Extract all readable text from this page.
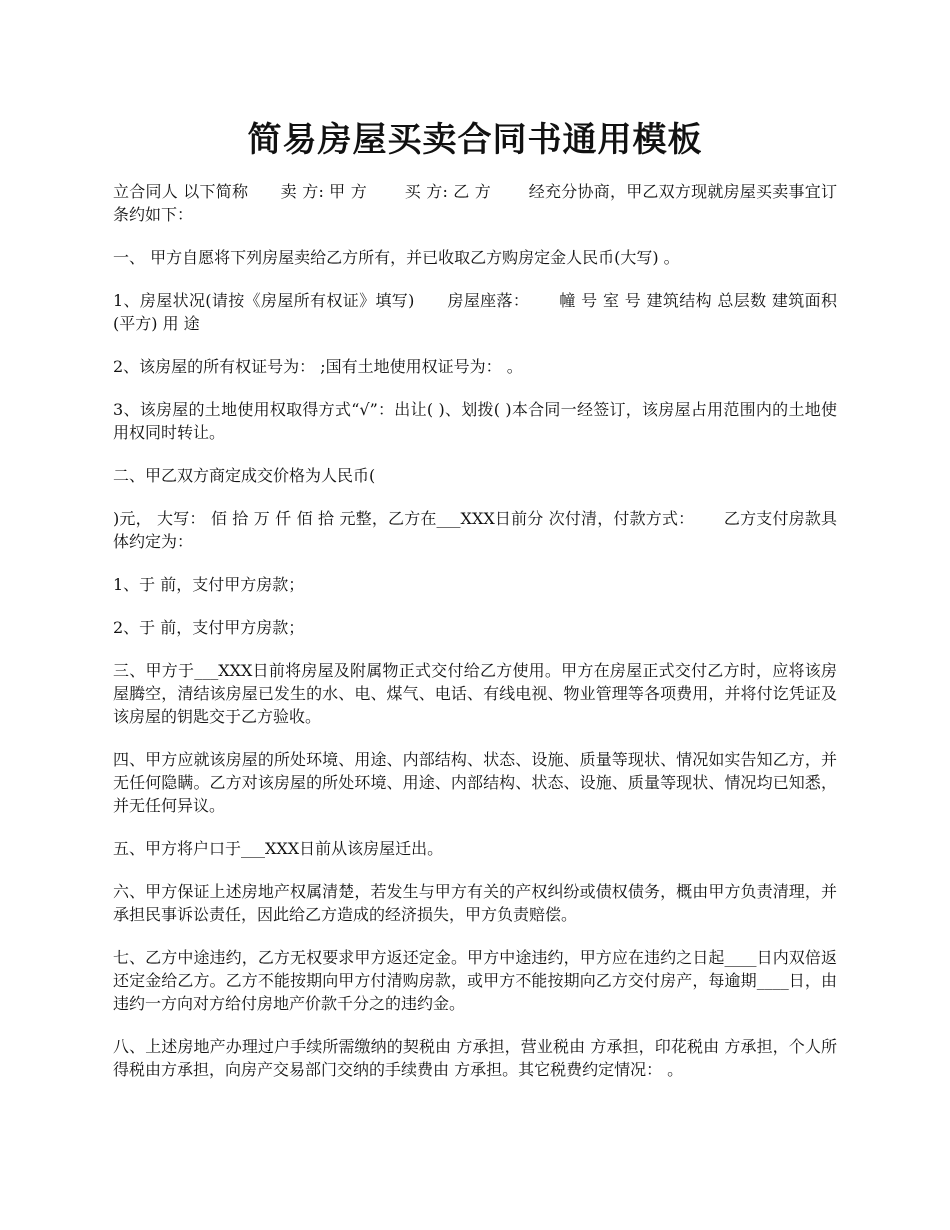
简易房屋买卖合同书通用模板

立合同人 以下简称　　卖 方: 甲 方　　 买 方: 乙 方　　 经充分协商，甲乙双方现就房屋买卖事宜订条约如下：

一、 甲方自愿将下列房屋卖给乙方所有，并已收取乙方购房定金人民币(大写) 。

1、房屋状况(请按《房屋所有权证》填写)　　房屋座落：　　 幢 号 室 号 建筑结构 总层数 建筑面积(平方) 用 途

2、该房屋的所有权证号为： ;国有土地使用权证号为： 。

3、该房屋的土地使用权取得方式“√”：出让( )、划拨( )本合同一经签订，该房屋占用范围内的土地使用权同时转让。

二、甲乙双方商定成交价格为人民币(

)元， 大写： 佰 拾 万 仟 佰 拾 元整，乙方在___XXX日前分 次付清，付款方式：　　 乙方支付房款具体约定为：

1、于 前，支付甲方房款；

2、于 前，支付甲方房款；

三、甲方于___XXX日前将房屋及附属物正式交付给乙方使用。甲方在房屋正式交付乙方时，应将该房屋腾空，清结该房屋已发生的水、电、煤气、电话、有线电视、物业管理等各项费用，并将付讫凭证及该房屋的钥匙交于乙方验收。

四、甲方应就该房屋的所处环境、用途、内部结构、状态、设施、质量等现状、情况如实告知乙方，并无任何隐瞒。乙方对该房屋的所处环境、用途、内部结构、状态、设施、质量等现状、情况均已知悉，并无任何异议。

五、甲方将户口于___XXX日前从该房屋迁出。

六、甲方保证上述房地产权属清楚，若发生与甲方有关的产权纠纷或债权债务，概由甲方负责清理，并承担民事诉讼责任，因此给乙方造成的经济损失，甲方负责赔偿。

七、乙方中途违约，乙方无权要求甲方返还定金。甲方中途违约，甲方应在违约之日起____日内双倍返还定金给乙方。乙方不能按期向甲方付清购房款，或甲方不能按期向乙方交付房产，每逾期____日，由违约一方向对方给付房地产价款千分之的违约金。

八、上述房地产办理过户手续所需缴纳的契税由 方承担，营业税由 方承担，印花税由 方承担，个人所得税由方承担，向房产交易部门交纳的手续费由 方承担。其它税费约定情况： 。
